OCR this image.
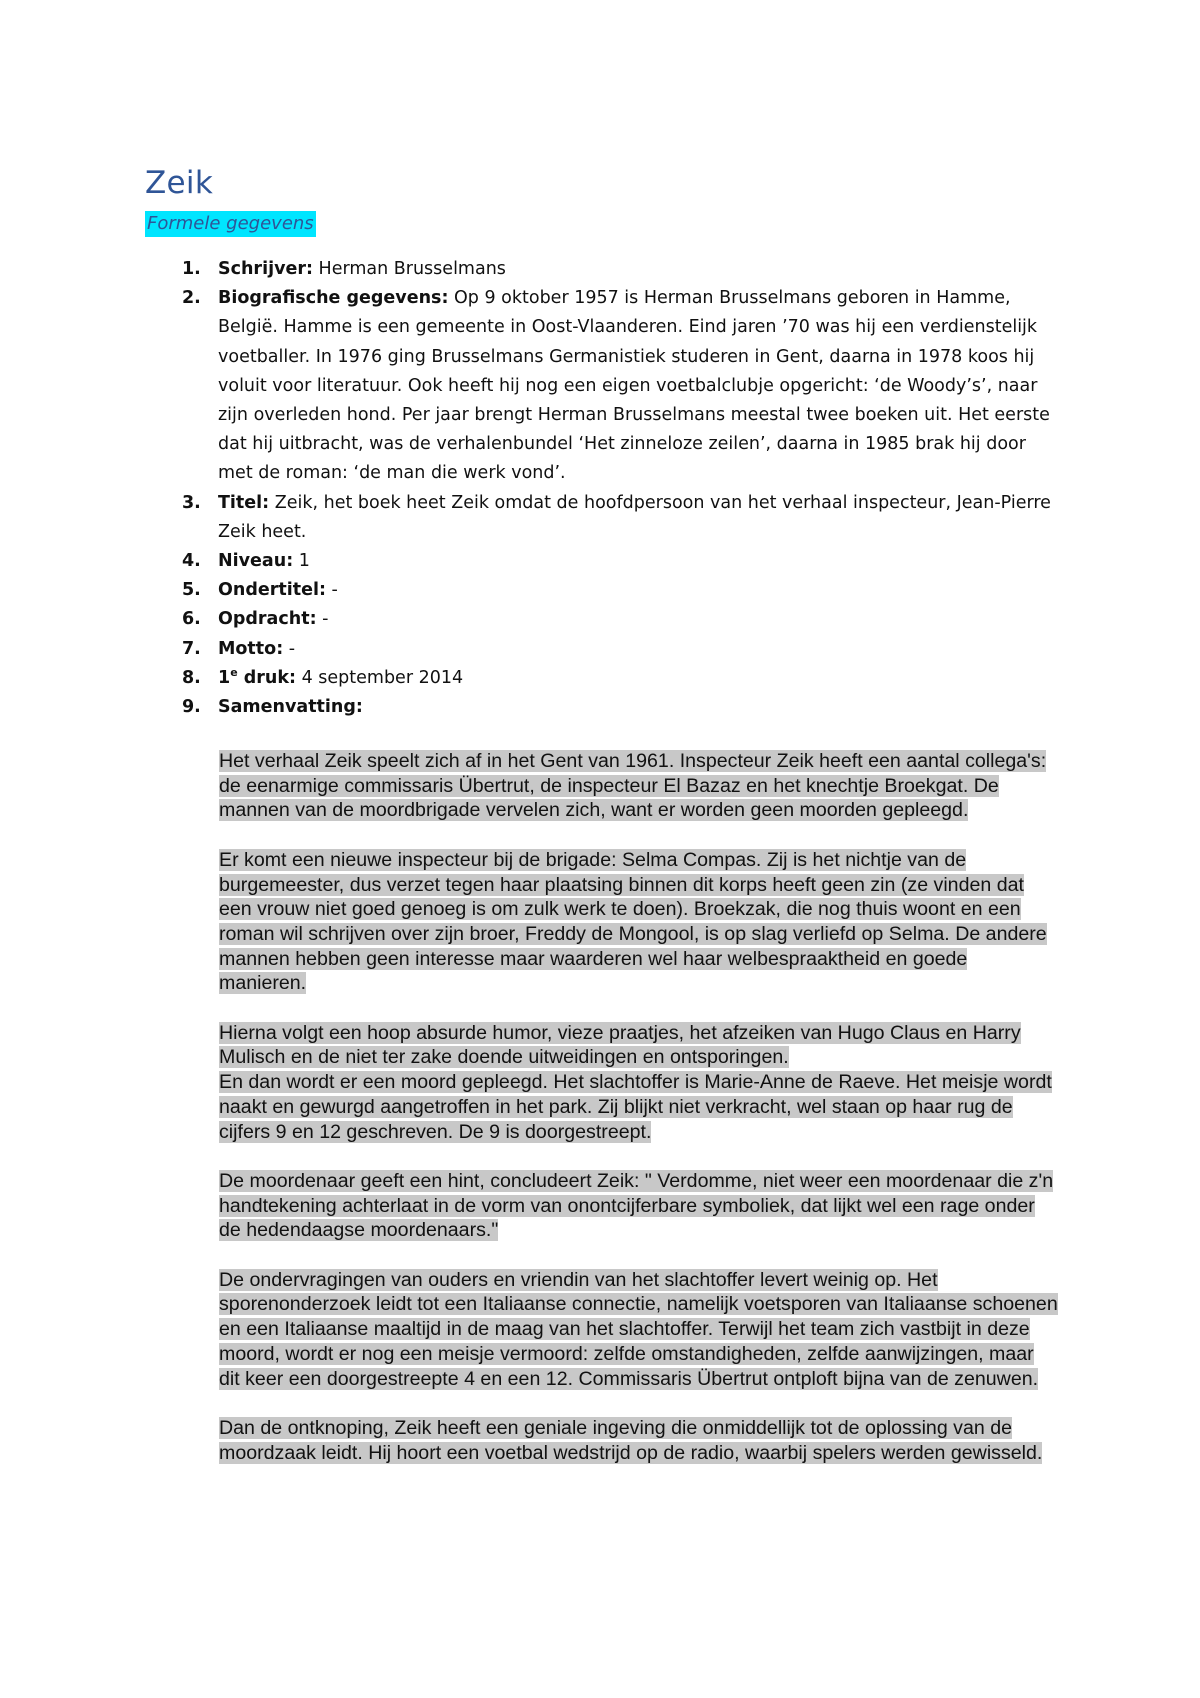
Zeik
Formele gegevens
1. Schrijver: Herman Brusselmans
2. Biografische gegevens: Op 9 oktober 1957 is Herman Brusselmans geboren in Hamme, België. Hamme is een gemeente in Oost-Vlaanderen. Eind jaren ’70 was hij een verdienstelijk voetballer. In 1976 ging Brusselmans Germanistiek studeren in Gent, daarna in 1978 koos hij voluit voor literatuur. Ook heeft hij nog een eigen voetbalclubje opgericht: ‘de Woody’s’, naar zijn overleden hond. Per jaar brengt Herman Brusselmans meestal twee boeken uit. Het eerste dat hij uitbracht, was de verhalenbundel ‘Het zinneloze zeilen’, daarna in 1985 brak hij door met de roman: ‘de man die werk vond’.
3. Titel: Zeik, het boek heet Zeik omdat de hoofdpersoon van het verhaal inspecteur, Jean-Pierre Zeik heet.
4. Niveau: 1
5. Ondertitel: -
6. Opdracht: -
7. Motto: -
8. 1e druk: 4 september 2014
9. Samenvatting:

Het verhaal Zeik speelt zich af in het Gent van 1961. Inspecteur Zeik heeft een aantal collega's: de eenarmige commissaris Übertrut, de inspecteur El Bazaz en het knechtje Broekgat. De mannen van de moordbrigade vervelen zich, want er worden geen moorden gepleegd.

Er komt een nieuwe inspecteur bij de brigade: Selma Compas. Zij is het nichtje van de burgemeester, dus verzet tegen haar plaatsing binnen dit korps heeft geen zin (ze vinden dat een vrouw niet goed genoeg is om zulk werk te doen). Broekzak, die nog thuis woont en een roman wil schrijven over zijn broer, Freddy de Mongool, is op slag verliefd op Selma. De andere mannen hebben geen interesse maar waarderen wel haar welbespraaktheid en goede manieren.

Hierna volgt een hoop absurde humor, vieze praatjes, het afzeiken van Hugo Claus en Harry Mulisch en de niet ter zake doende uitweidingen en ontsporingen.

En dan wordt er een moord gepleegd. Het slachtoffer is Marie-Anne de Raeve. Het meisje wordt naakt en gewurgd aangetroffen in het park. Zij blijkt niet verkracht, wel staan op haar rug de cijfers 9 en 12 geschreven. De 9 is doorgestreept.

De moordenaar geeft een hint, concludeert Zeik: " Verdomme, niet weer een moordenaar die z'n handtekening achterlaat in de vorm van onontcijferbare symboliek, dat lijkt wel een rage onder de hedendaagse moordenaars."

De ondervragingen van ouders en vriendin van het slachtoffer levert weinig op. Het sporenonderzoek leidt tot een Italiaanse connectie, namelijk voetsporen van Italiaanse schoenen en een Italiaanse maaltijd in de maag van het slachtoffer. Terwijl het team zich vastbijt in deze moord, wordt er nog een meisje vermoord: zelfde omstandigheden, zelfde aanwijzingen, maar dit keer een doorgestreepte 4 en een 12. Commissaris Übertrut ontploft bijna van de zenuwen.

Dan de ontknoping, Zeik heeft een geniale ingeving die onmiddellijk tot de oplossing van de moordzaak leidt. Hij hoort een voetbal wedstrijd op de radio, waarbij spelers werden gewisseld.
